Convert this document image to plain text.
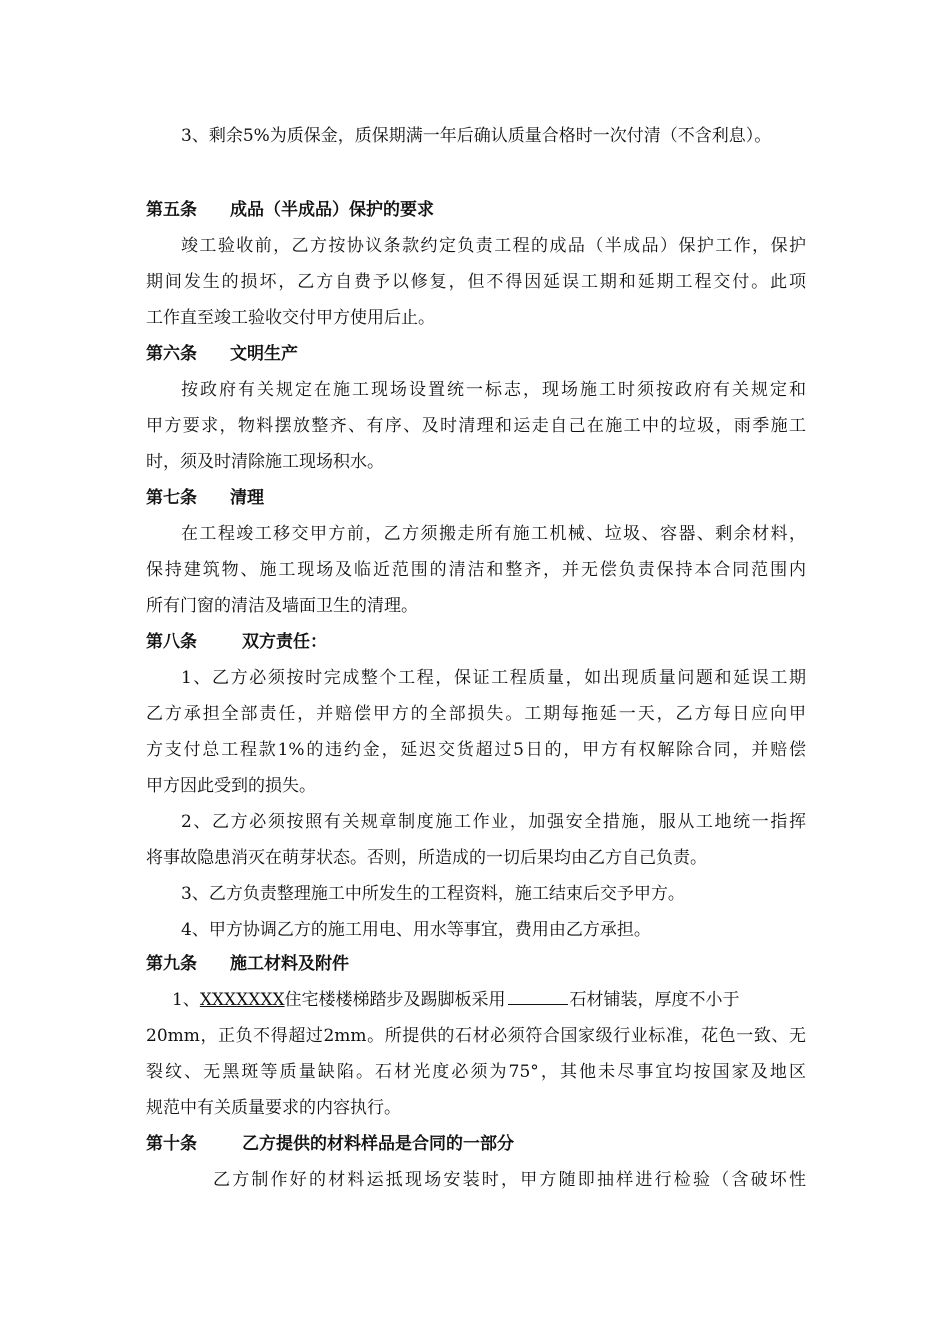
3、剩余5%为质保金，质保期满一年后确认质量合格时一次付清（不含利息）。
第五条 成品（半成品）保护的要求
竣工验收前，乙方按协议条款约定负责工程的成品（半成品）保护工作，保护
期间发生的损坏，乙方自费予以修复，但不得因延误工期和延期工程交付。此项
工作直至竣工验收交付甲方使用后止。
第六条 文明生产
按政府有关规定在施工现场设置统一标志，现场施工时须按政府有关规定和
甲方要求，物料摆放整齐、有序、及时清理和运走自己在施工中的垃圾，雨季施工
时，须及时清除施工现场积水。
第七条 清理
在工程竣工移交甲方前，乙方须搬走所有施工机械、垃圾、容器、剩余材料，
保持建筑物、施工现场及临近范围的清洁和整齐，并无偿负责保持本合同范围内
所有门窗的清洁及墙面卫生的清理。
第八条	双方责任：
1、乙方必须按时完成整个工程，保证工程质量，如出现质量问题和延误工期
乙方承担全部责任，并赔偿甲方的全部损失。工期每拖延一天，乙方每日应向甲
方支付总工程款1%的违约金，延迟交货超过5日的，甲方有权解除合同，并赔偿
甲方因此受到的损失。
2、乙方必须按照有关规章制度施工作业，加强安全措施，服从工地统一指挥
将事故隐患消灭在萌芽状态。否则，所造成的一切后果均由乙方自己负责。
3、乙方负责整理施工中所发生的工程资料，施工结束后交予甲方。
4、甲方协调乙方的施工用电、用水等事宜，费用由乙方承担。
第九条 施工材料及附件
1、XXXXXXX住宅楼楼梯踏步及踢脚板采用	石材铺装，厚度不小于
20mm，正负不得超过2mm。所提供的石材必须符合国家级行业标准，花色一致、无
裂纹、无黑斑等质量缺陷。石材光度必须为75°，其他未尽事宜均按国家及地区
规范中有关质量要求的内容执行。
第十条	乙方提供的材料样品是合同的一部分
乙方制作好的材料运抵现场安装时，甲方随即抽样进行检验（含破坏性
